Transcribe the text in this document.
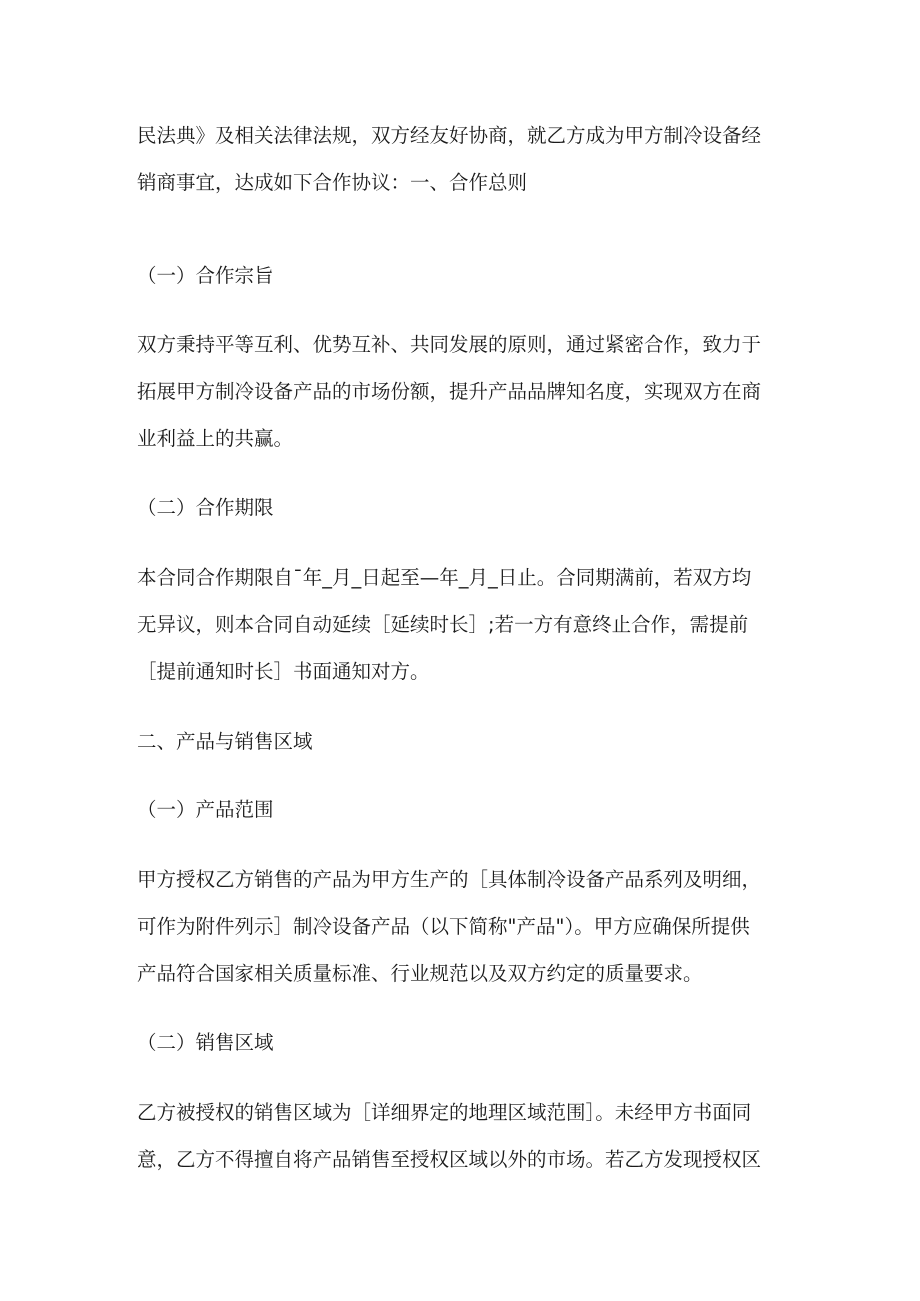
民法典》及相关法律法规，双方经友好协商，就乙方成为甲方制冷设备经
销商事宜，达成如下合作协议：一、合作总则
（一）合作宗旨
双方秉持平等互利、优势互补、共同发展的原则，通过紧密合作，致力于
拓展甲方制冷设备产品的市场份额，提升产品品牌知名度，实现双方在商
业利益上的共赢。
（二）合作期限
本合同合作期限自¯年_月_日起至—年_月_日止。合同期满前，若双方均
无异议，则本合同自动延续［延续时长］;若一方有意终止合作，需提前
［提前通知时长］书面通知对方。
二、产品与销售区域
（一）产品范围
甲方授权乙方销售的产品为甲方生产的［具体制冷设备产品系列及明细，
可作为附件列示］制冷设备产品（以下简称"产品"）。甲方应确保所提供
产品符合国家相关质量标准、行业规范以及双方约定的质量要求。
（二）销售区域
乙方被授权的销售区域为［详细界定的地理区域范围］。未经甲方书面同
意，乙方不得擅自将产品销售至授权区域以外的市场。若乙方发现授权区
